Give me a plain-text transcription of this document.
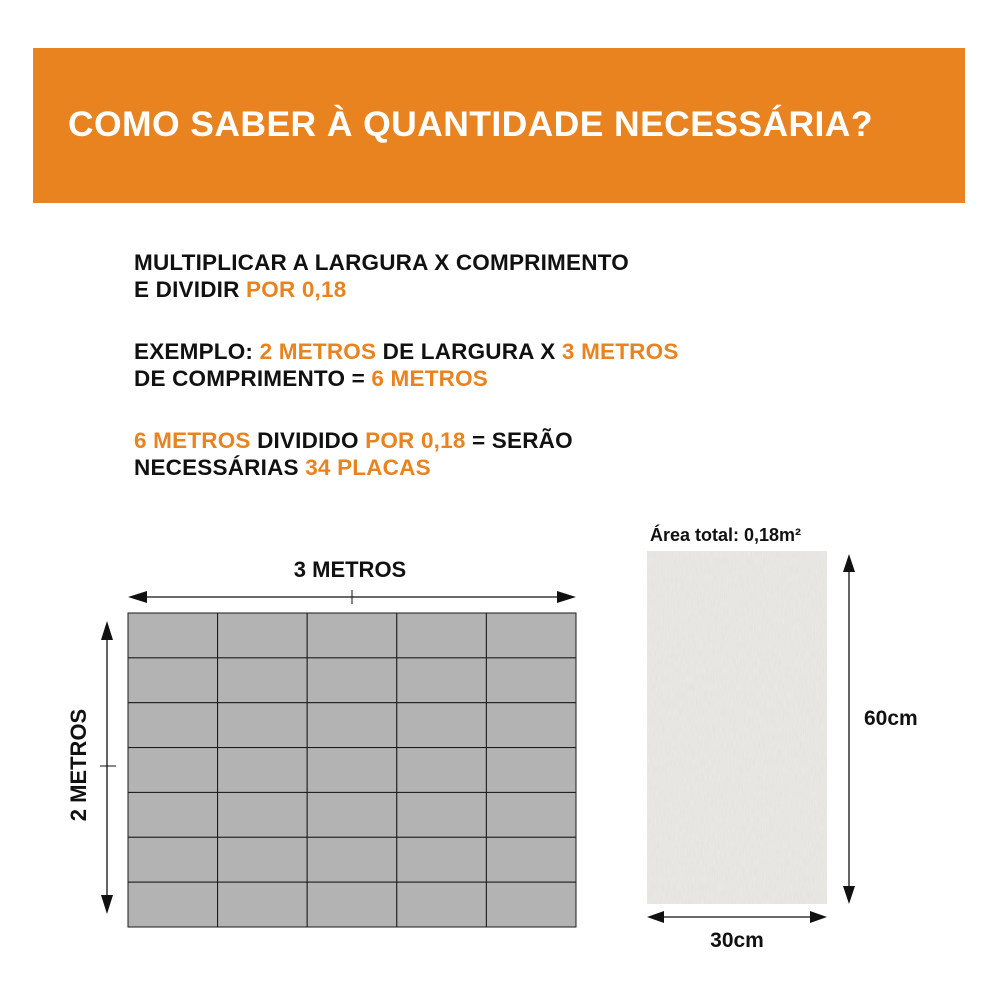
COMO SABER À QUANTIDADE NECESSÁRIA?
MULTIPLICAR A LARGURA X COMPRIMENTO
E DIVIDIR POR 0,18
EXEMPLO: 2 METROS DE LARGURA X 3 METROS
DE COMPRIMENTO = 6 METROS
6 METROS DIVIDIDO POR 0,18 = SERÃO
NECESSÁRIAS 34 PLACAS
3 METROS
2 METROS
Área total: 0,18m²
60cm
30cm
